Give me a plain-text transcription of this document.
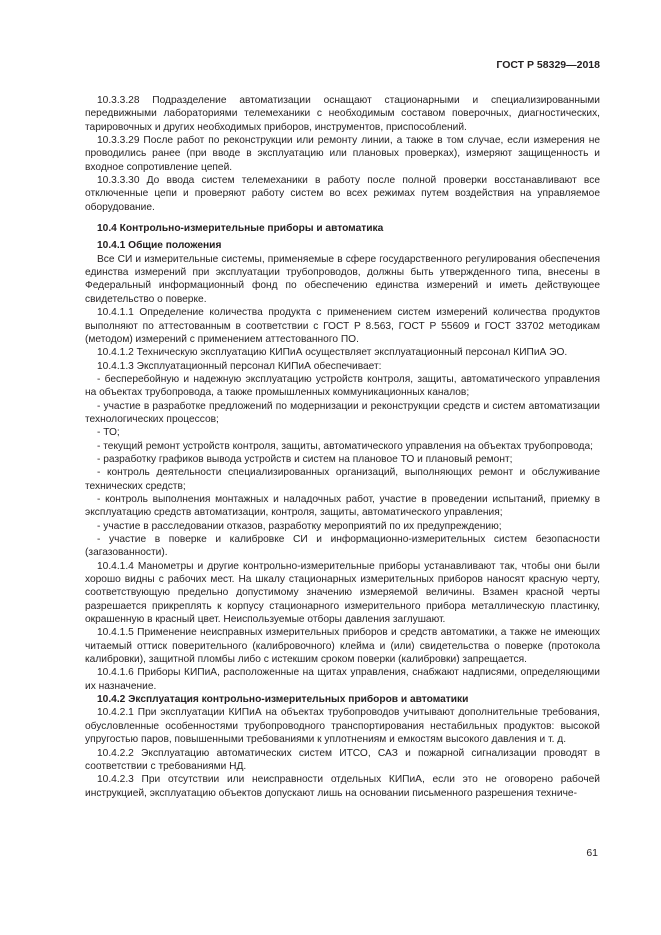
ГОСТ Р 58329—2018

10.3.3.28 Подразделение автоматизации оснащают стационарными и специализированными передвижными лабораториями телемеханики с необходимым составом поверочных, диагностических, тарировочных и других необходимых приборов, инструментов, приспособлений.

10.3.3.29 После работ по реконструкции или ремонту линии, а также в том случае, если измерения не проводились ранее (при вводе в эксплуатацию или плановых проверках), измеряют защищенность и входное сопротивление цепей.

10.3.3.30 До ввода систем телемеханики в работу после полной проверки восстанавливают все отключенные цепи и проверяют работу систем во всех режимах путем воздействия на управляемое оборудование.

10.4 Контрольно-измерительные приборы и автоматика

10.4.1 Общие положения

Все СИ и измерительные системы, применяемые в сфере государственного регулирования обеспечения единства измерений при эксплуатации трубопроводов, должны быть утвержденного типа, внесены в Федеральный информационный фонд по обеспечению единства измерений и иметь действующее свидетельство о поверке.

10.4.1.1 Определение количества продукта с применением систем измерений количества продуктов выполняют по аттестованным в соответствии с ГОСТ Р 8.563, ГОСТ Р 55609 и ГОСТ 33702 методикам (методом) измерений с применением аттестованного ПО.

10.4.1.2 Техническую эксплуатацию КИПиА осуществляет эксплуатационный персонал КИПиА ЭО.

10.4.1.3 Эксплуатационный персонал КИПиА обеспечивает:

- бесперебойную и надежную эксплуатацию устройств контроля, защиты, автоматического управления на объектах трубопровода, а также промышленных коммуникационных каналов;

- участие в разработке предложений по модернизации и реконструкции средств и систем автоматизации технологических процессов;

- ТО;

- текущий ремонт устройств контроля, защиты, автоматического управления на объектах трубопровода;

- разработку графиков вывода устройств и систем на плановое ТО и плановый ремонт;

- контроль деятельности специализированных организаций, выполняющих ремонт и обслуживание технических средств;

- контроль выполнения монтажных и наладочных работ, участие в проведении испытаний, приемку в эксплуатацию средств автоматизации, контроля, защиты, автоматического управления;

- участие в расследовании отказов, разработку мероприятий по их предупреждению;

- участие в поверке и калибровке СИ и информационно-измерительных систем безопасности (загазованности).

10.4.1.4 Манометры и другие контрольно-измерительные приборы устанавливают так, чтобы они были хорошо видны с рабочих мест. На шкалу стационарных измерительных приборов наносят красную черту, соответствующую предельно допустимому значению измеряемой величины. Взамен красной черты разрешается прикреплять к корпусу стационарного измерительного прибора металлическую пластинку, окрашенную в красный цвет. Неиспользуемые отборы давления заглушают.

10.4.1.5 Применение неисправных измерительных приборов и средств автоматики, а также не имеющих читаемый оттиск поверительного (калибровочного) клейма и (или) свидетельства о поверке (протокола калибровки), защитной пломбы либо с истекшим сроком поверки (калибровки) запрещается.

10.4.1.6 Приборы КИПиА, расположенные на щитах управления, снабжают надписями, определяющими их назначение.

10.4.2 Эксплуатация контрольно-измерительных приборов и автоматики

10.4.2.1 При эксплуатации КИПиА на объектах трубопроводов учитывают дополнительные требования, обусловленные особенностями трубопроводного транспортирования нестабильных продуктов: высокой упругостью паров, повышенными требованиями к уплотнениям и емкостям высокого давления и т. д.

10.4.2.2 Эксплуатацию автоматических систем ИТСО, САЗ и пожарной сигнализации проводят в соответствии с требованиями НД.

10.4.2.3 При отсутствии или неисправности отдельных КИПиА, если это не оговорено рабочей инструкцией, эксплуатацию объектов допускают лишь на основании письменного разрешения техниче-

61
